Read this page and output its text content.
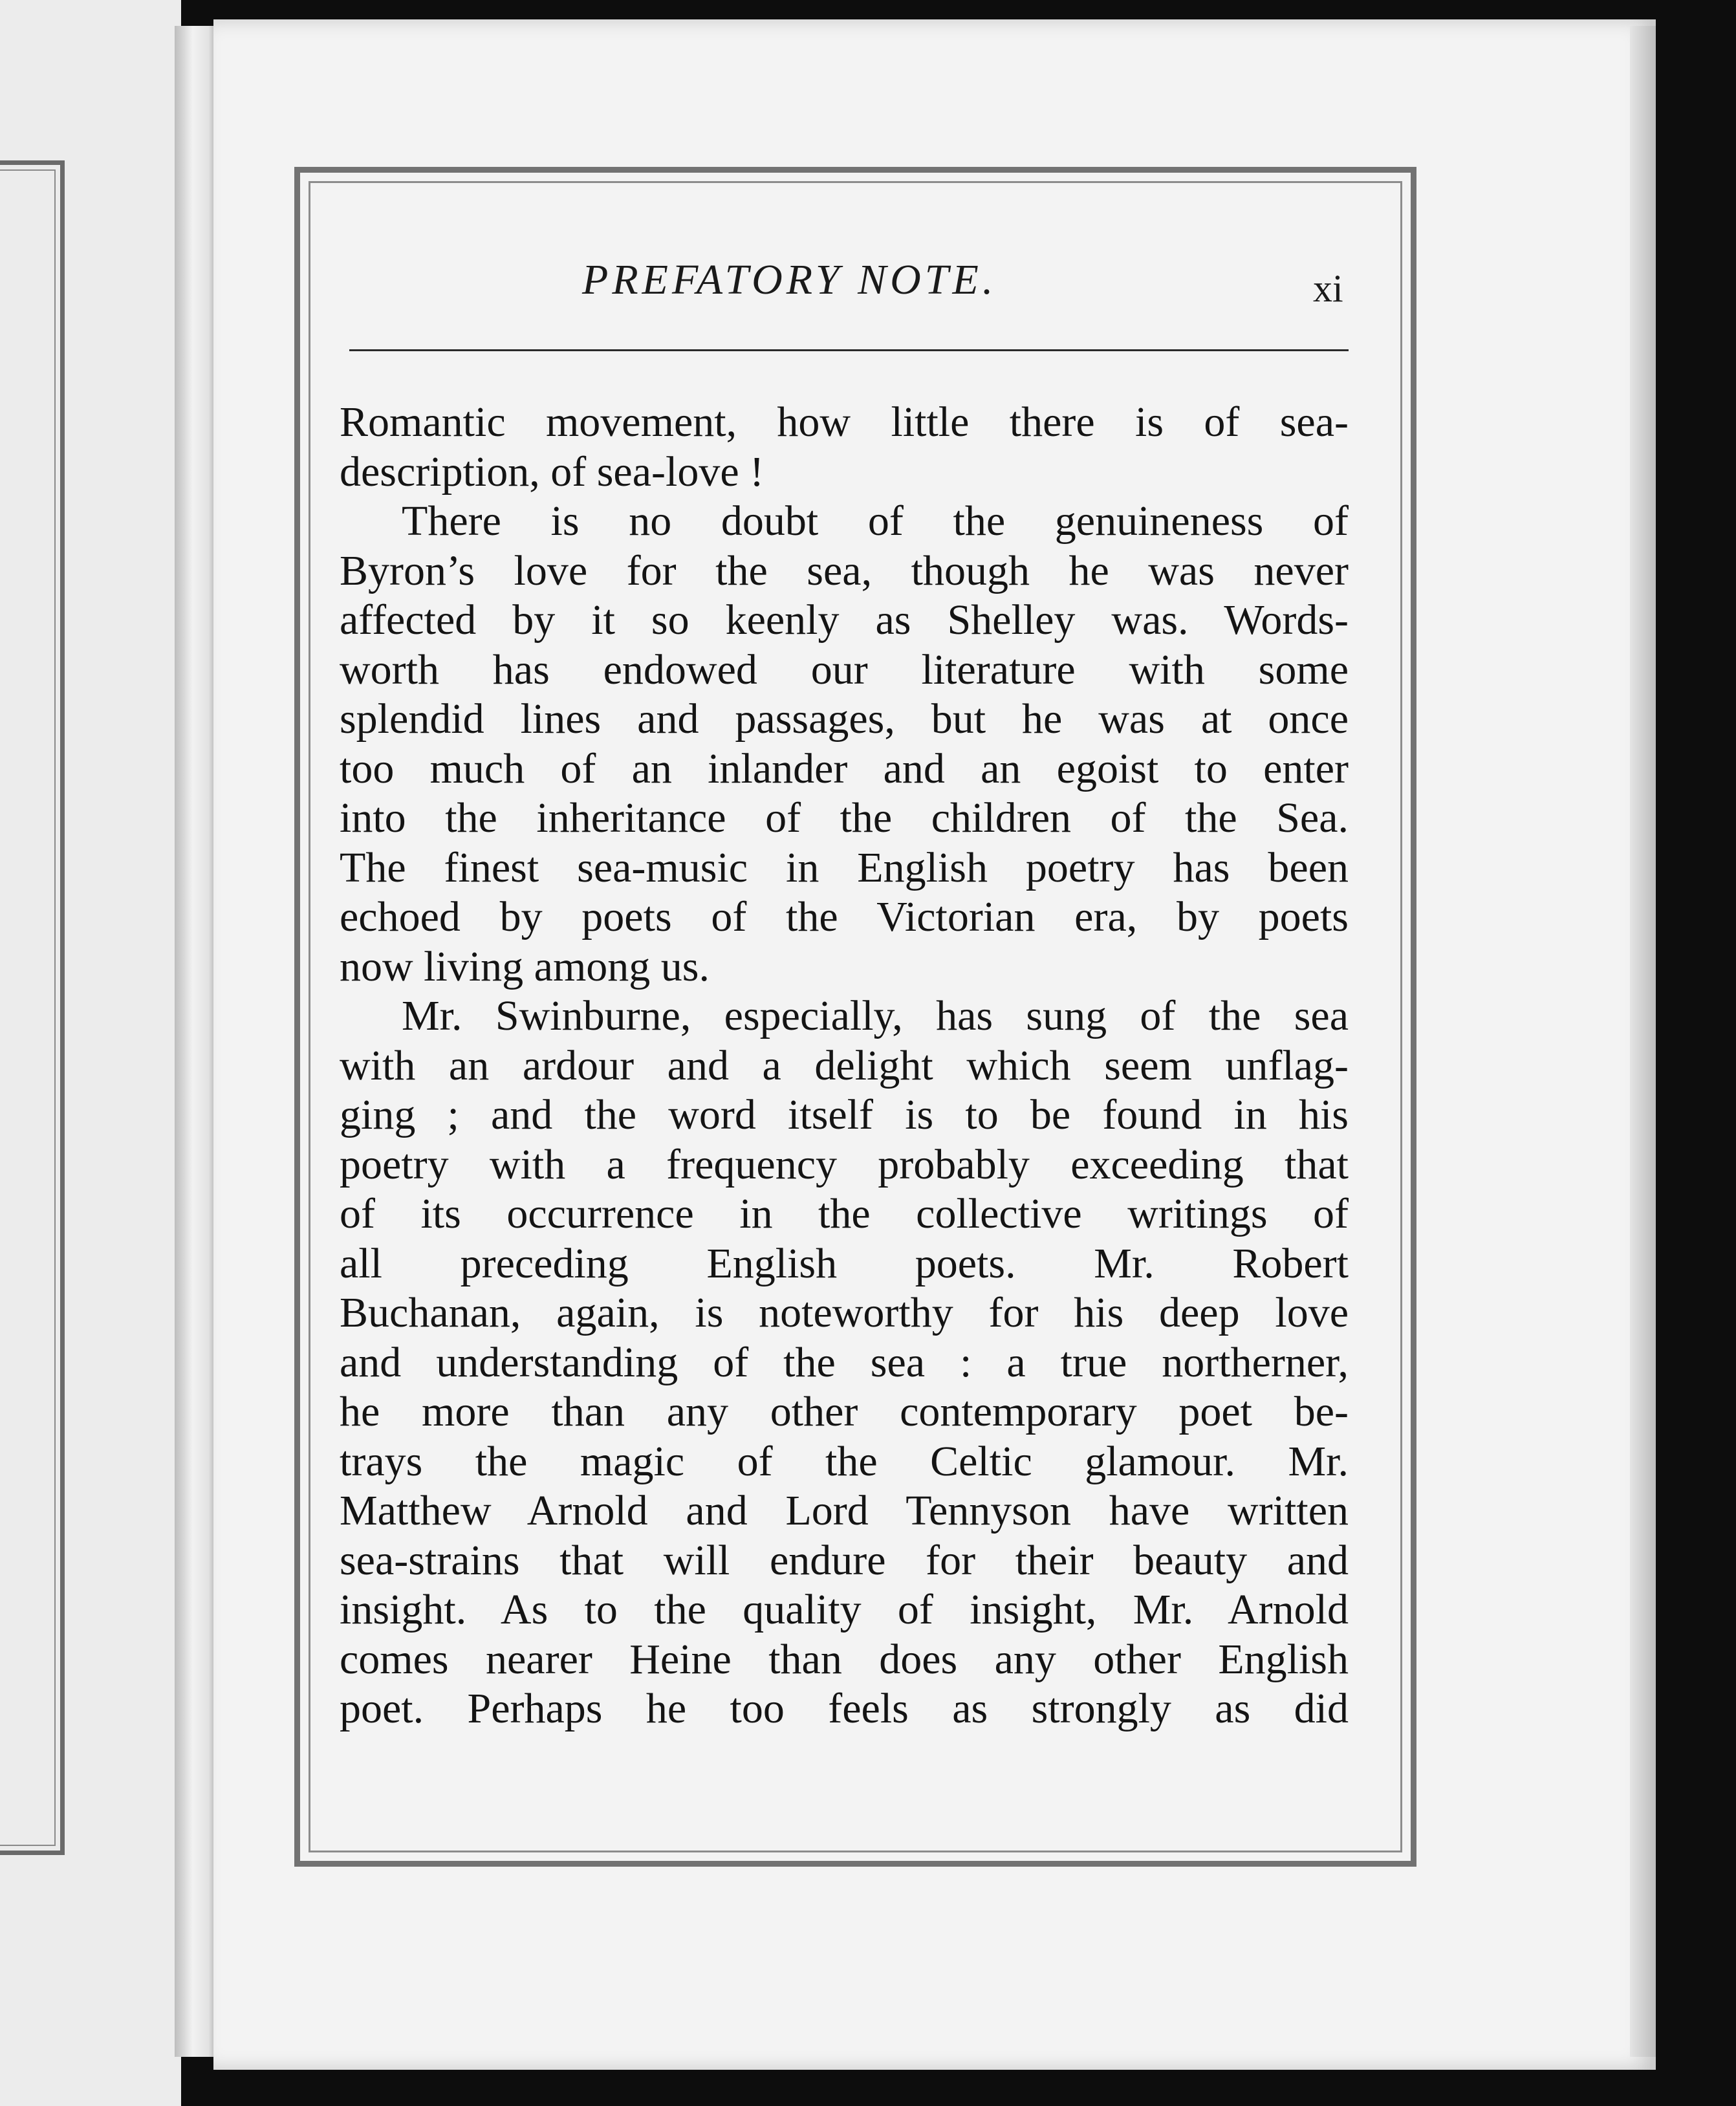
PREFATORY NOTE.	xi
Romantic movement, how little there is of sea-
description, of sea-love !
There is no doubt of the genuineness of
Byron’s love for the sea, though he was never
affected by it so keenly as Shelley was. Words-
worth has endowed our literature with some
splendid lines and passages, but he was at once
too much of an inlander and an egoist to enter
into the inheritance of the children of the Sea.
The finest sea-music in English poetry has been
echoed by poets of the Victorian era, by poets
now living among us.
Mr. Swinburne, especially, has sung of the sea
with an ardour and a delight which seem unflag-
ging ; and the word itself is to be found in his
poetry with a frequency probably exceeding that
of its occurrence in the collective writings of
all preceding English poets. Mr. Robert
Buchanan, again, is noteworthy for his deep love
and understanding of the sea : a true northerner,
he more than any other contemporary poet be-
trays the magic of the Celtic glamour. Mr.
Matthew Arnold and Lord Tennyson have written
sea-strains that will endure for their beauty and
insight. As to the quality of insight, Mr. Arnold
comes nearer Heine than does any other English
poet. Perhaps he too feels as strongly as did
